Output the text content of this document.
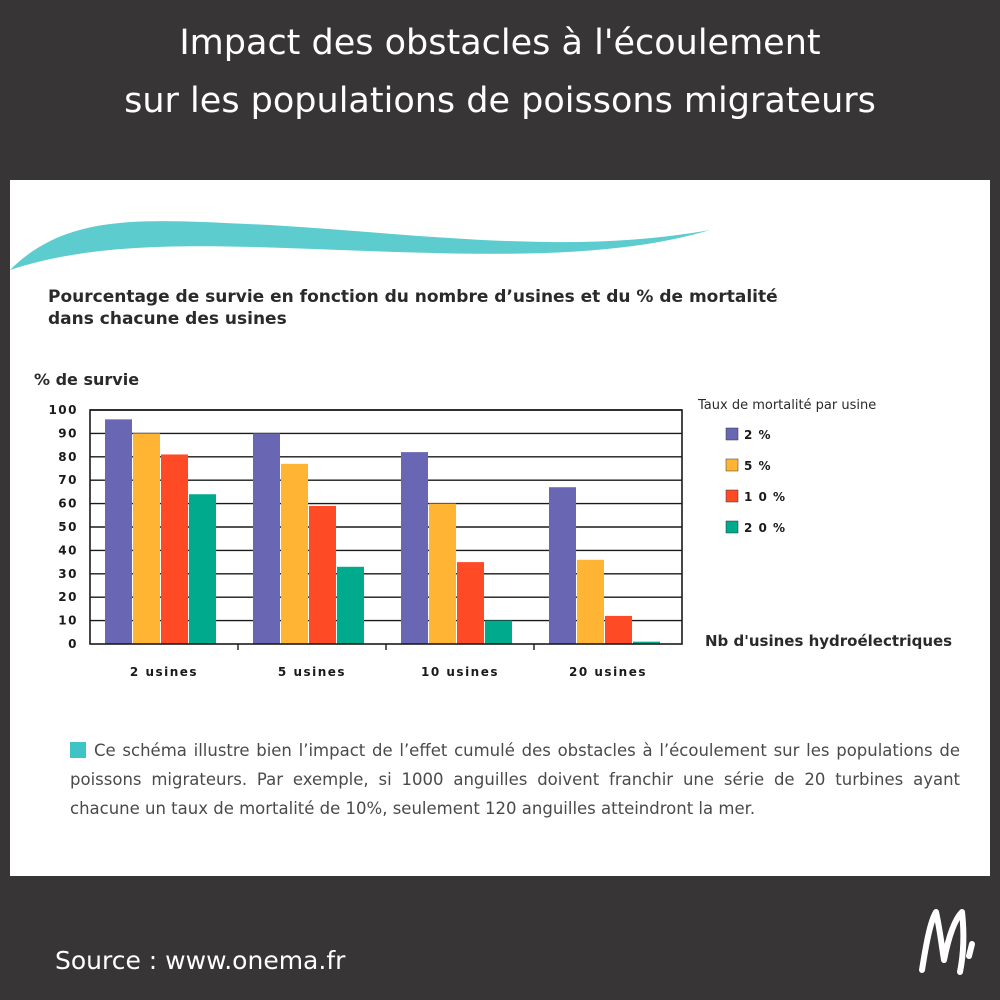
Impact des obstacles à l'écoulement
sur les populations de poissons migrateurs
0
10
20
30
40
50
60
70
80
90
100
2 usines	5 usines	10 usines	20 usines
2 %
5 %
1 0 %
2 0 %
Pourcentage de survie en fonction du nombre d’usines et du % de mortalité
dans chacune des usines
% de survie
Taux de mortalité par usine
Nb d'usines hydroélectriques
Ce schéma illustre bien l’impact de l’effet cumulé des obstacles à l’écoulement sur les populations de poissons migrateurs. Par exemple, si 1000 anguilles doivent franchir une série de 20 turbines ayant chacune un taux de mortalité de 10%, seulement 120 anguilles atteindront la mer.
Source : www.onema.fr
